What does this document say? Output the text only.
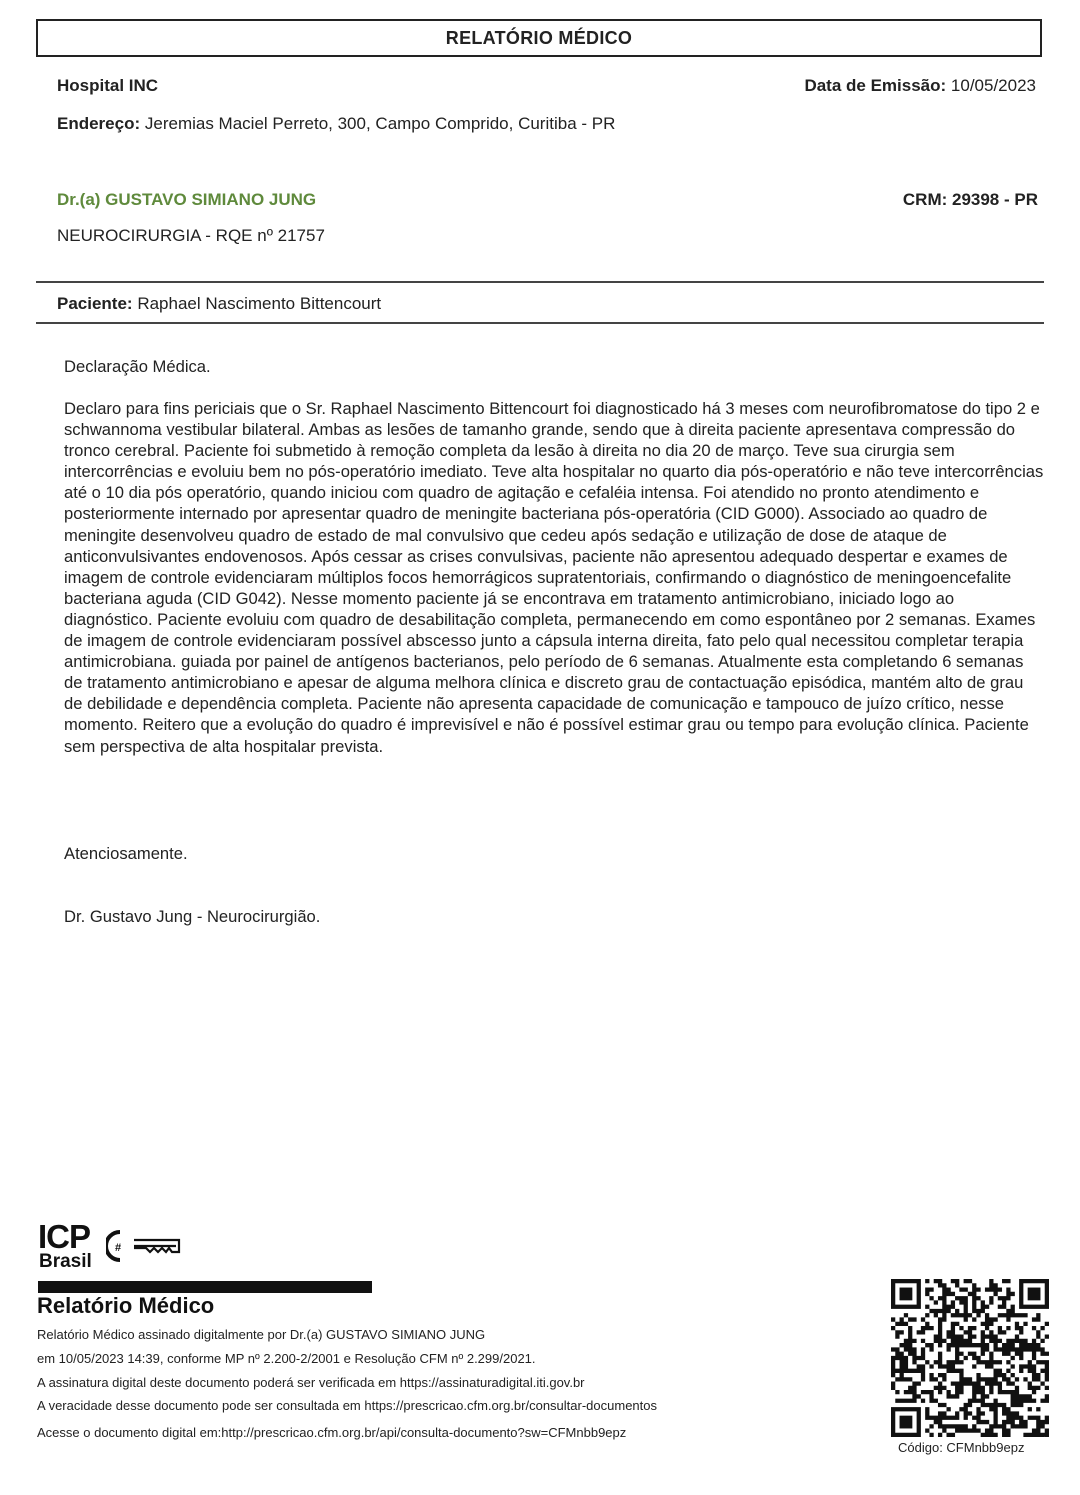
RELATÓRIO MÉDICO
Hospital INC	Data de Emissão: 10/05/2023
Endereço: Jeremias Maciel Perreto, 300, Campo Comprido, Curitiba - PR
Dr.(a) GUSTAVO SIMIANO JUNG	CRM: 29398 - PR
NEUROCIRURGIA - RQE nº 21757
Paciente: Raphael Nascimento Bittencourt
Declaração Médica.

Declaro para fins periciais que o Sr. Raphael Nascimento Bittencourt foi diagnosticado há 3 meses com neurofibromatose do tipo 2 e schwannoma vestibular bilateral. Ambas as lesões de tamanho grande, sendo que à direita paciente apresentava compressão do tronco cerebral. Paciente foi submetido à remoção completa da lesão à direita no dia 20 de março. Teve sua cirurgia sem intercorrências e evoluiu bem no pós-operatório imediato. Teve alta hospitalar no quarto dia pós-operatório e não teve intercorrências até o 10 dia pós operatório, quando iniciou com quadro de agitação e cefaléia intensa. Foi atendido no pronto atendimento e posteriormente internado por apresentar quadro de meningite bacteriana pós-operatória (CID G000). Associado ao quadro de meningite desenvolveu quadro de estado de mal convulsivo que cedeu após sedação e utilização de dose de ataque de anticonvulsivantes endovenosos. Após cessar as crises convulsivas, paciente não apresentou adequado despertar e exames de imagem de controle evidenciaram múltiplos focos hemorrágicos supratentoriais, confirmando o diagnóstico de meningoencefalite bacteriana aguda (CID G042). Nesse momento paciente já se encontrava em tratamento antimicrobiano, iniciado logo ao diagnóstico. Paciente evoluiu com quadro de desabilitação completa, permanecendo em como espontâneo por 2 semanas. Exames de imagem de controle evidenciaram possível abscesso junto a cápsula interna direita, fato pelo qual necessitou completar terapia antimicrobiana. guiada por painel de antígenos bacterianos, pelo período de 6 semanas. Atualmente esta completando 6 semanas de tratamento antimicrobiano e apesar de alguma melhora clínica e discreto grau de contactuação episódica, mantém alto de grau de debilidade e dependência completa. Paciente não apresenta capacidade de comunicação e tampouco de juízo crítico, nesse momento. Reitero que a evolução do quadro é imprevisível e não é possível estimar grau ou tempo para evolução clínica. Paciente sem perspectiva de alta hospitalar prevista.

Atenciosamente.
Dr. Gustavo Jung - Neurocirurgião.
ICP
Brasil
#
Relatório Médico
Relatório Médico assinado digitalmente por Dr.(a) GUSTAVO SIMIANO JUNG
em 10/05/2023 14:39, conforme MP nº 2.200-2/2001 e Resolução CFM nº 2.299/2021.
A assinatura digital deste documento poderá ser verificada em https://assinaturadigital.iti.gov.br
A veracidade desse documento pode ser consultada em https://prescricao.cfm.org.br/consultar-documentos
Acesse o documento digital em:http://prescricao.cfm.org.br/api/consulta-documento?sw=CFMnbb9epz
Código: CFMnbb9epz
